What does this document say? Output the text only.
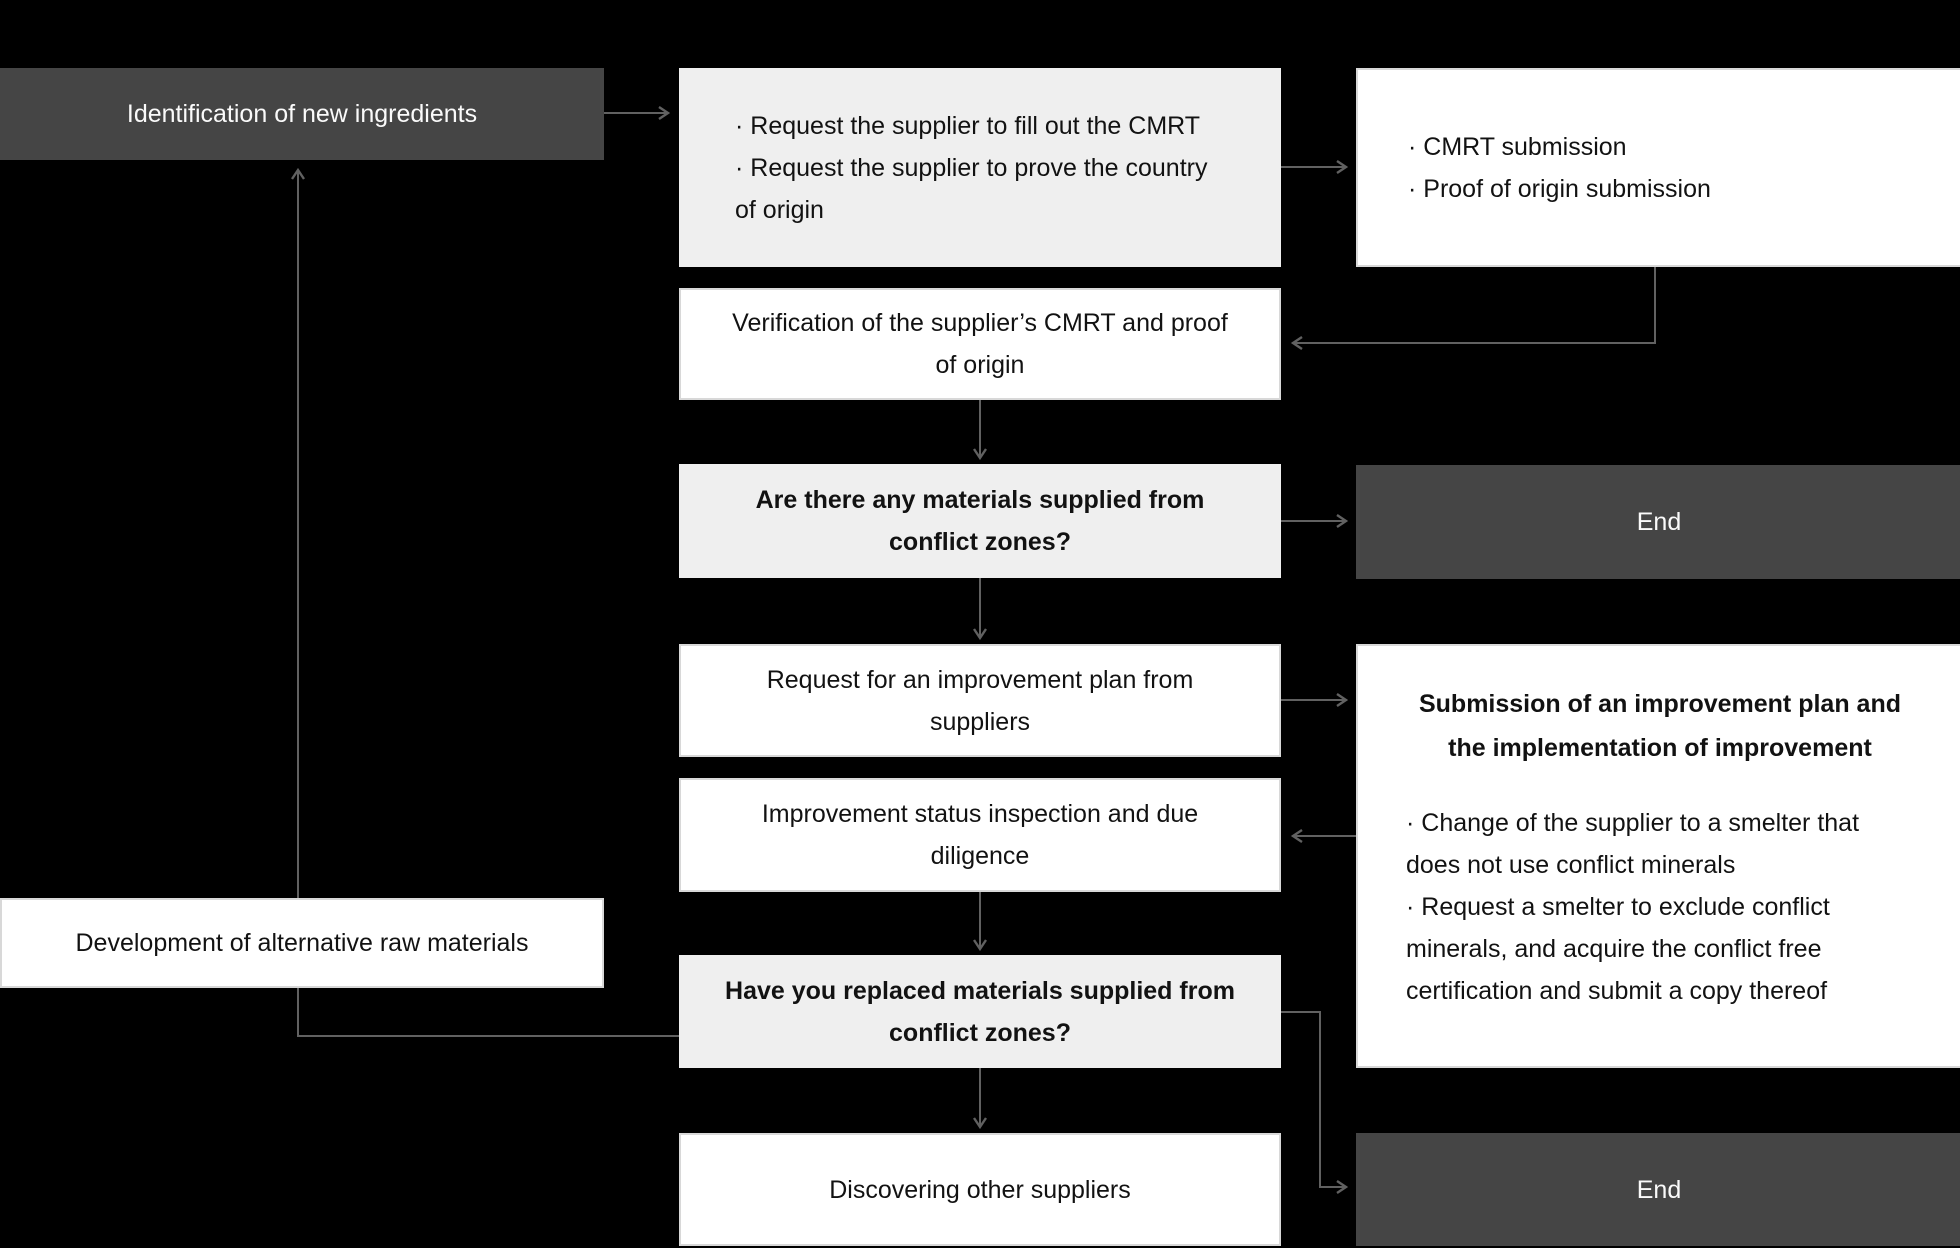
Identification of new ingredients	· Request the supplier to fill out the CMRT

· Request the supplier to prove the country of origin

· CMRT submission

· Proof of origin submission

Verification of the supplier’s CMRT and proof of origin
Are there any materials supplied from conflict zones?
End
Request for an improvement plan from suppliers

Submission of an improvement plan and the implementation of improvement

· Change of the supplier to a smelter that does not use conflict minerals

· Request a smelter to exclude conflict minerals, and acquire the conflict free certification and submit a copy thereof

Improvement status inspection and due diligence
Development of alternative raw materials
Have you replaced materials supplied from conflict zones?
Discovering other suppliers	End
